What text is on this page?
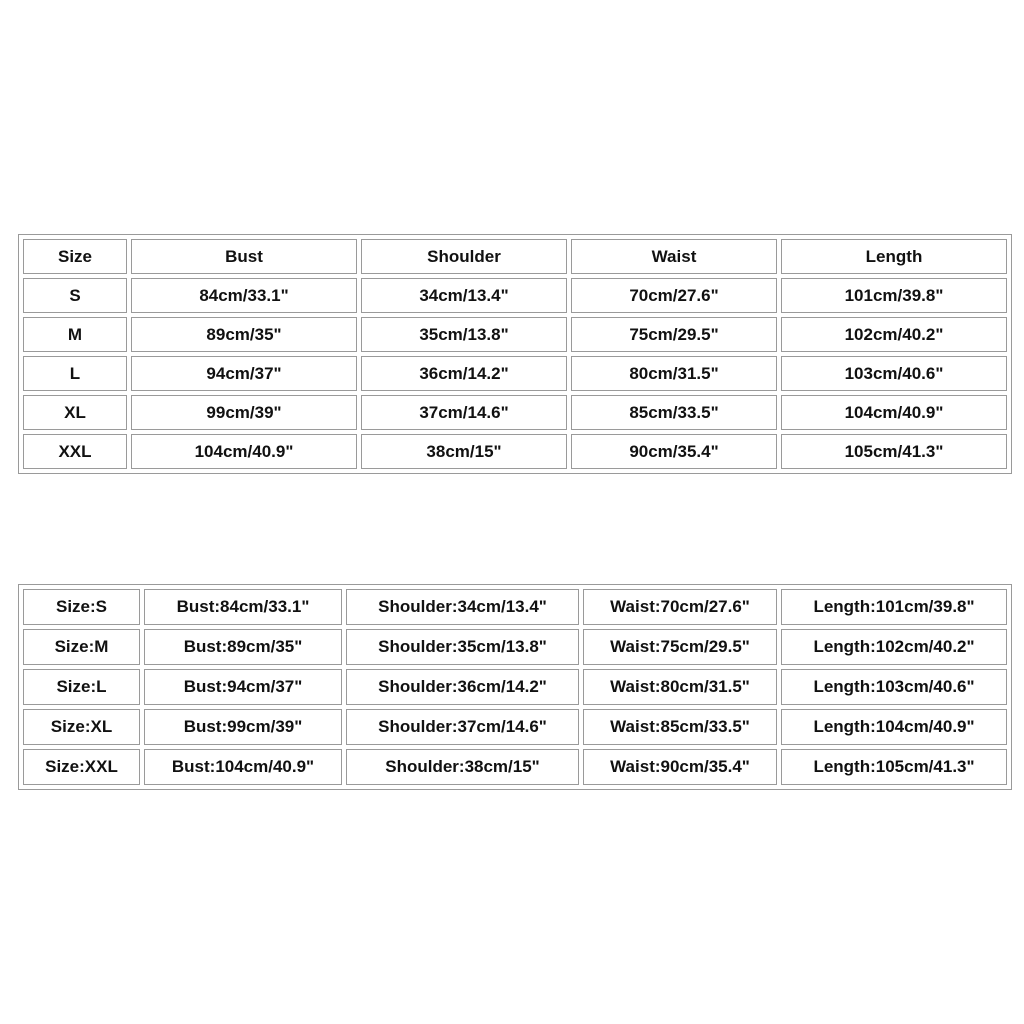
Size	Bust	Shoulder	Waist	Length
S	84cm/33.1"	34cm/13.4"	70cm/27.6"	101cm/39.8"
M	89cm/35"	35cm/13.8"	75cm/29.5"	102cm/40.2"
L	94cm/37"	36cm/14.2"	80cm/31.5"	103cm/40.6"
XL	99cm/39"	37cm/14.6"	85cm/33.5"	104cm/40.9"
XXL	104cm/40.9"	38cm/15"	90cm/35.4"	105cm/41.3"
Size:S	Bust:84cm/33.1"	Shoulder:34cm/13.4"	Waist:70cm/27.6"	Length:101cm/39.8"
Size:M	Bust:89cm/35"	Shoulder:35cm/13.8"	Waist:75cm/29.5"	Length:102cm/40.2"
Size:L	Bust:94cm/37"	Shoulder:36cm/14.2"	Waist:80cm/31.5"	Length:103cm/40.6"
Size:XL	Bust:99cm/39"	Shoulder:37cm/14.6"	Waist:85cm/33.5"	Length:104cm/40.9"
Size:XXL	Bust:104cm/40.9"	Shoulder:38cm/15"	Waist:90cm/35.4"	Length:105cm/41.3"
